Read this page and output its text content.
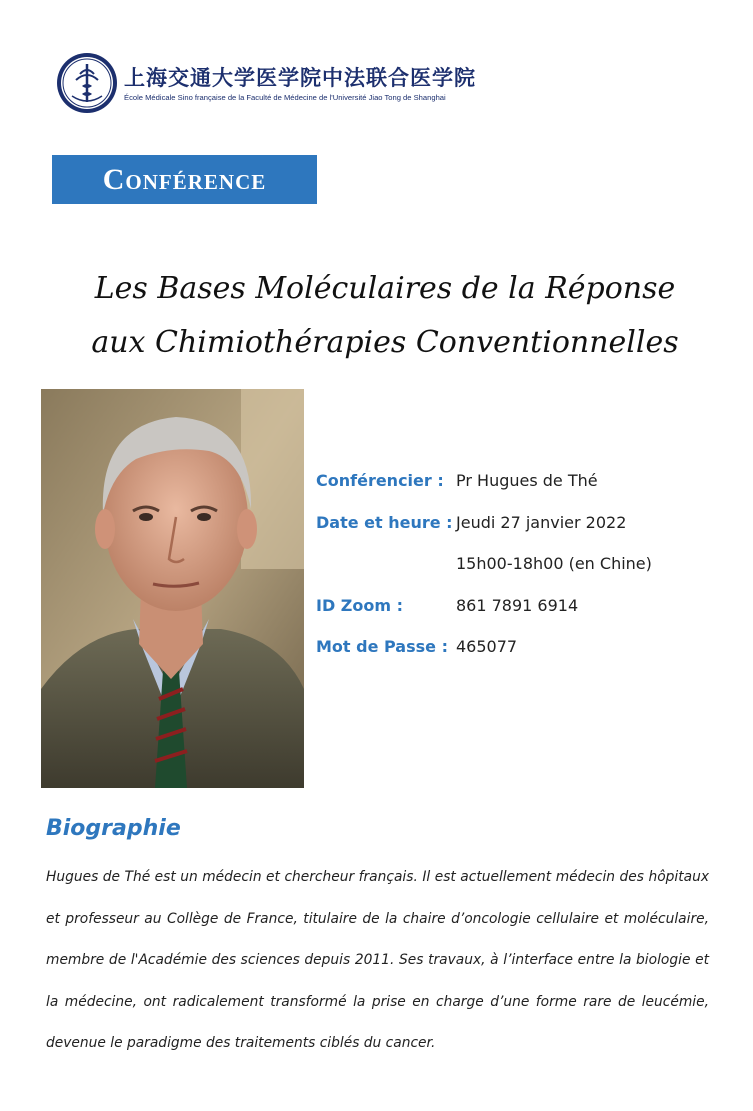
上海交通大学医学院中法联合医学院
École Médicale Sino française de la Faculté de Médecine de l'Université Jiao Tong de Shanghai
Conférence
Les Bases Moléculaires de la Réponse
aux Chimiothérapies Conventionnelles
Conférencier : Pr Hugues de Thé
Date et heure : Jeudi 27 janvier 2022
15h00-18h00 (en Chine)
ID Zoom :	861 7891 6914
Mot de Passe : 465077
Biographie
Hugues de Thé est un médecin et chercheur français. Il est actuellement médecin des hôpitaux et professeur au Collège de France, titulaire de la chaire d’oncologie cellulaire et moléculaire, membre de l'Académie des sciences depuis 2011. Ses travaux, à l’interface entre la biologie et la médecine, ont radicalement transformé la prise en charge d’une forme rare de leucémie, devenue le paradigme des traitements ciblés du cancer.
